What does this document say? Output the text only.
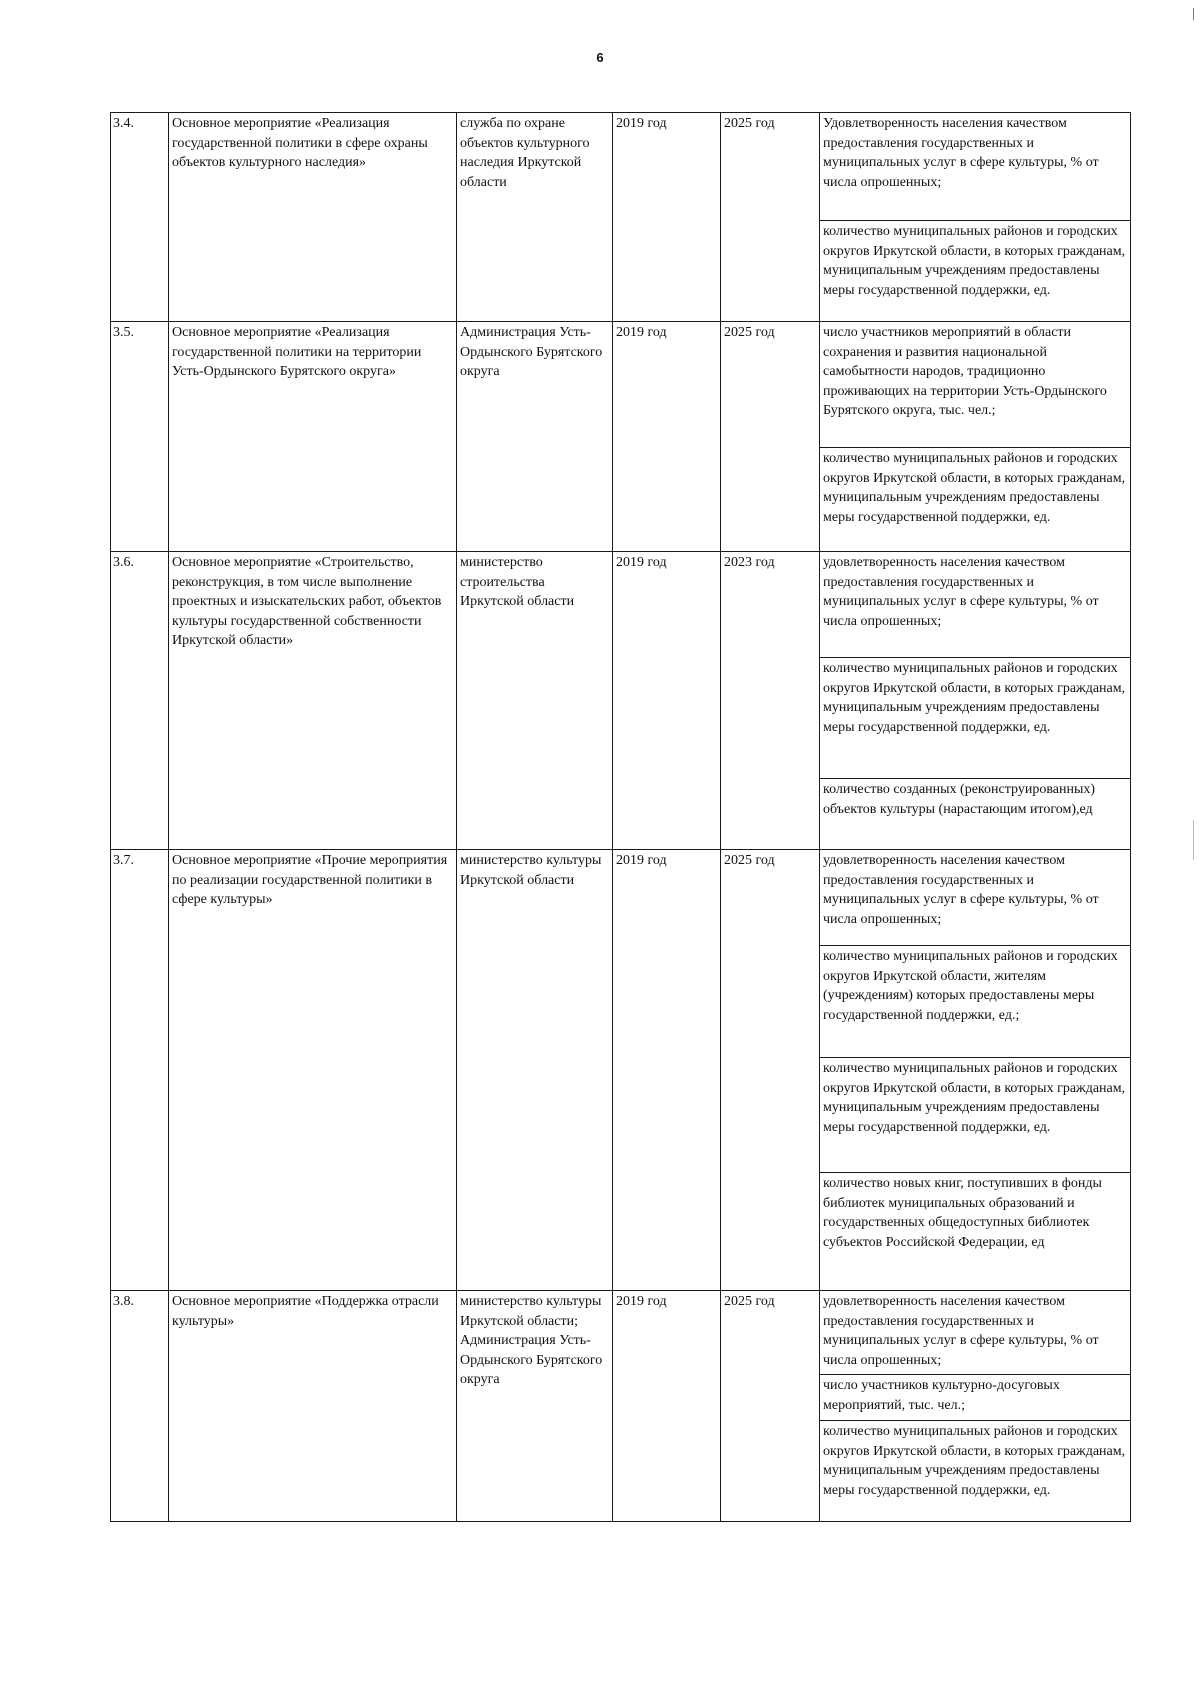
6
3.4.	Основное мероприятие «Реализация государственной политики в сфере охраны объектов культурного наследия»	служба по охране объектов культурного наследия Иркутской области	2019 год	2025 год	Удовлетворенность населения качеством предоставления государственных и муниципальных услуг в сфере культуры, % от числа опрошенных;
количество муниципальных районов и городских округов Иркутской области, в которых гражданам, муниципальным учреждениям предоставлены меры государственной поддержки, ед.

3.5.	Основное мероприятие «Реализация государственной политики на территории Усть-Ордынского Бурятского округа»	Администрация Усть-Ордынского Бурятского округа	2019 год	2025 год	число участников мероприятий в области сохранения и развития национальной самобытности народов, традиционно проживающих на территории Усть-Ордынского Бурятского округа, тыс. чел.;
количество муниципальных районов и городских округов Иркутской области, в которых гражданам, муниципальным учреждениям предоставлены меры государственной поддержки, ед.

3.6.	Основное мероприятие «Строительство, реконструкция, в том числе выполнение проектных и изыскательских работ, объектов культуры государственной собственности Иркутской области»	министерство строительства Иркутской области	2019 год	2023 год	удовлетворенность населения качеством предоставления государственных и муниципальных услуг в сфере культуры, % от числа опрошенных;
количество муниципальных районов и городских округов Иркутской области, в которых гражданам, муниципальным учреждениям предоставлены меры государственной поддержки, ед.
количество созданных (реконструированных) объектов культуры (нарастающим итогом),ед

3.7.	Основное мероприятие «Прочие мероприятия по реализации государственной политики в сфере культуры»	министерство культуры Иркутской области	2019 год	2025 год	удовлетворенность населения качеством предоставления государственных и муниципальных услуг в сфере культуры, % от числа опрошенных;
количество муниципальных районов и городских округов Иркутской области, жителям (учреждениям) которых предоставлены меры государственной поддержки, ед.;
количество муниципальных районов и городских округов Иркутской области, в которых гражданам, муниципальным учреждениям предоставлены меры государственной поддержки, ед.
количество новых книг, поступивших в фонды библиотек муниципальных образований и государственных общедоступных библиотек субъектов Российской Федерации, ед

3.8.	Основное мероприятие «Поддержка отрасли культуры»	министерство культуры Иркутской области; Администрация Усть-Ордынского Бурятского округа	2019 год	2025 год	удовлетворенность населения качеством предоставления государственных и муниципальных услуг в сфере культуры, % от числа опрошенных;
число участников культурно-досуговых мероприятий, тыс. чел.;
количество муниципальных районов и городских округов Иркутской области, в которых гражданам, муниципальным учреждениям предоставлены меры государственной поддержки, ед.
